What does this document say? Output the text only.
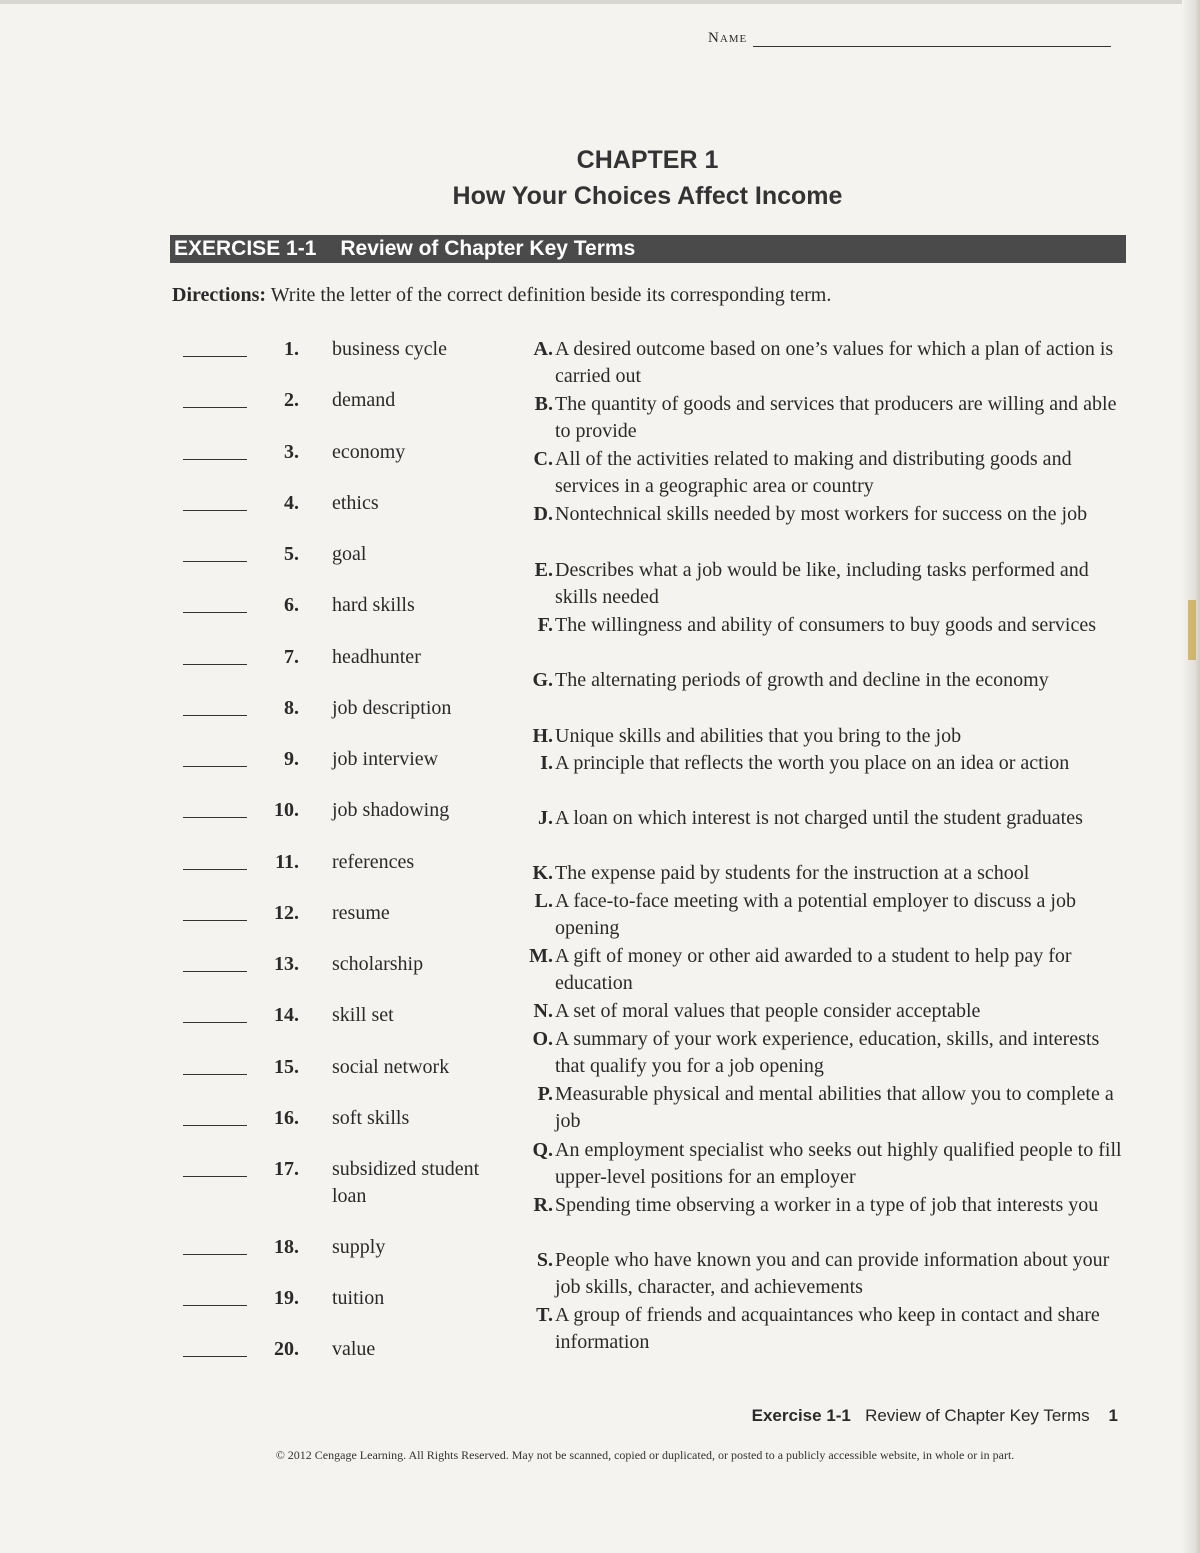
Name
CHAPTER 1
How Your Choices Affect Income
EXERCISE 1-1 Review of Chapter Key Terms
Directions: Write the letter of the correct definition beside its corresponding term.
1. business cycle
2. demand
3. economy
4. ethics
5. goal
6. hard skills
7. headhunter
8. job description
9. job interview
10. job shadowing
11. references
12. resume
13. scholarship
14. skill set
15. social network
16. soft skills
17. subsidized student loan
18. supply
19. tuition
20. value
A. A desired outcome based on one’s values for which a plan of action is carried out
B. The quantity of goods and services that producers are willing and able to provide
C. All of the activities related to making and distributing goods and services in a geographic area or country
D. Nontechnical skills needed by most workers for success on the job
E. Describes what a job would be like, including tasks performed and skills needed
F. The willingness and ability of consumers to buy goods and services
G. The alternating periods of growth and decline in the economy
H. Unique skills and abilities that you bring to the job
I. A principle that reflects the worth you place on an idea or action
J. A loan on which interest is not charged until the student graduates
K. The expense paid by students for the instruction at a school
L. A face-to-face meeting with a potential employer to discuss a job opening
M. A gift of money or other aid awarded to a student to help pay for education
N. A set of moral values that people consider acceptable
O. A summary of your work experience, education, skills, and interests that qualify you for a job opening
P. Measurable physical and mental abilities that allow you to complete a job
Q. An employment specialist who seeks out highly qualified people to fill upper-level positions for an employer
R. Spending time observing a worker in a type of job that interests you
S. People who have known you and can provide information about your job skills, character, and achievements
T. A group of friends and acquaintances who keep in contact and share information
Exercise 1-1 Review of Chapter Key Terms 1
© 2012 Cengage Learning. All Rights Reserved. May not be scanned, copied or duplicated, or posted to a publicly accessible website, in whole or in part.
